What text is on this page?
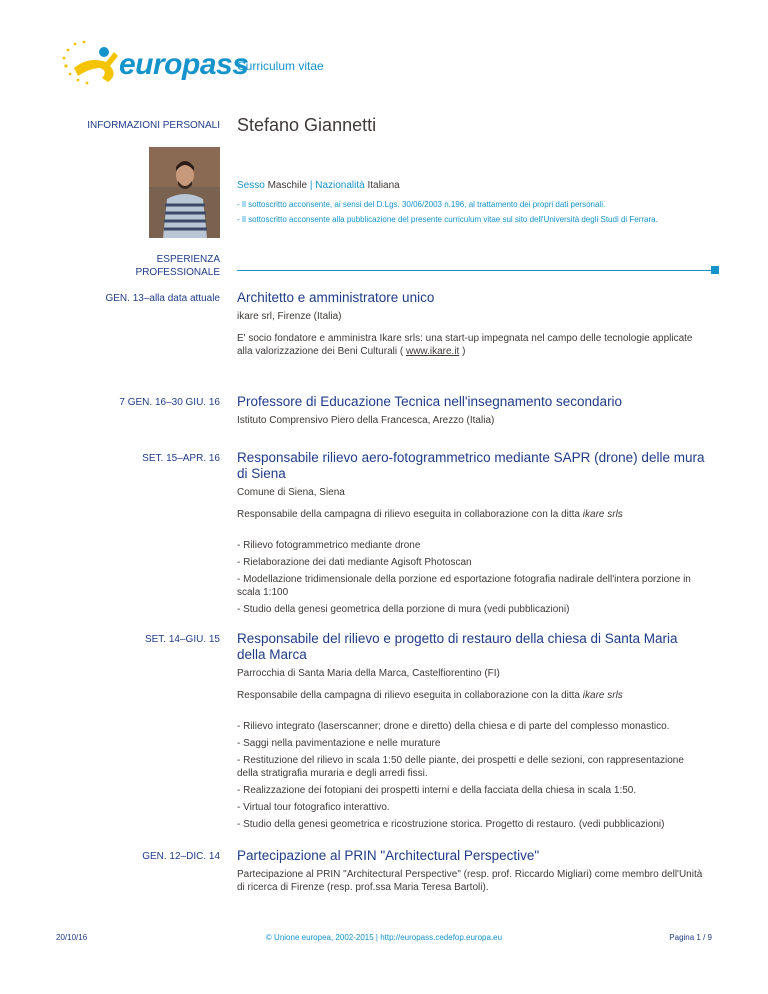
europass
Curriculum vitae
INFORMAZIONI PERSONALI Stefano Giannetti
Sesso Maschile | Nazionalità Italiana
- Il sottoscritto acconsente, ai sensi del D.Lgs. 30/06/2003 n.196, al trattamento dei propri dati personali.
- Il sottoscritto acconsente alla pubblicazione del presente curriculum vitae sul sito dell'Università degli Studi di Ferrara.
ESPERIENZA
PROFESSIONALE
GEN. 13–alla data attuale Architetto e amministratore unico
ikare srl, Firenze (Italia)
E' socio fondatore e amministra Ikare srls: una start-up impegnata nel campo delle tecnologie applicate alla valorizzazione dei Beni Culturali ( www.ikare.it )
7 GEN. 16–30 GIU. 16 Professore di Educazione Tecnica nell'insegnamento secondario
Istituto Comprensivo Piero della Francesca, Arezzo (Italia)
SET. 15–APR. 16 Responsabile rilievo aero-fotogrammetrico mediante SAPR (drone) delle mura di Siena
Comune di Siena, Siena
Responsabile della campagna di rilievo eseguita in collaborazione con la ditta ikare srls
- Rilievo fotogrammetrico mediante drone
- Rielaborazione dei dati mediante Agisoft Photoscan
- Modellazione tridimensionale della porzione ed esportazione fotografia nadirale dell'intera porzione in scala 1:100
- Studio della genesi geometrica della porzione di mura (vedi pubblicazioni)
SET. 14–GIU. 15 Responsabile del rilievo e progetto di restauro della chiesa di Santa Maria della Marca
Parrocchia di Santa Maria della Marca, Castelfiorentino (FI)
Responsabile della campagna di rilievo eseguita in collaborazione con la ditta ikare srls
- Rilievo integrato (laserscanner; drone e diretto) della chiesa e di parte del complesso monastico.
- Saggi nella pavimentazione e nelle murature
- Restituzione del rilievo in scala 1:50 delle piante, dei prospetti e delle sezioni, con rappresentazione della stratigrafia muraria e degli arredi fissi.
- Realizzazione dei fotopiani dei prospetti interni e della facciata della chiesa in scala 1:50.
- Virtual tour fotografico interattivo.
- Studio della genesi geometrica e ricostruzione storica. Progetto di restauro. (vedi pubblicazioni)
GEN. 12–DIC. 14 Partecipazione al PRIN "Architectural Perspective"
Partecipazione al PRIN "Architectural Perspective" (resp. prof. Riccardo Migliari) come membro dell'Unità di ricerca di Firenze (resp. prof.ssa Maria Teresa Bartoli).
20/10/16	© Unione europea, 2002-2015 | http://europass.cedefop.europa.eu	Pagina 1 / 9
